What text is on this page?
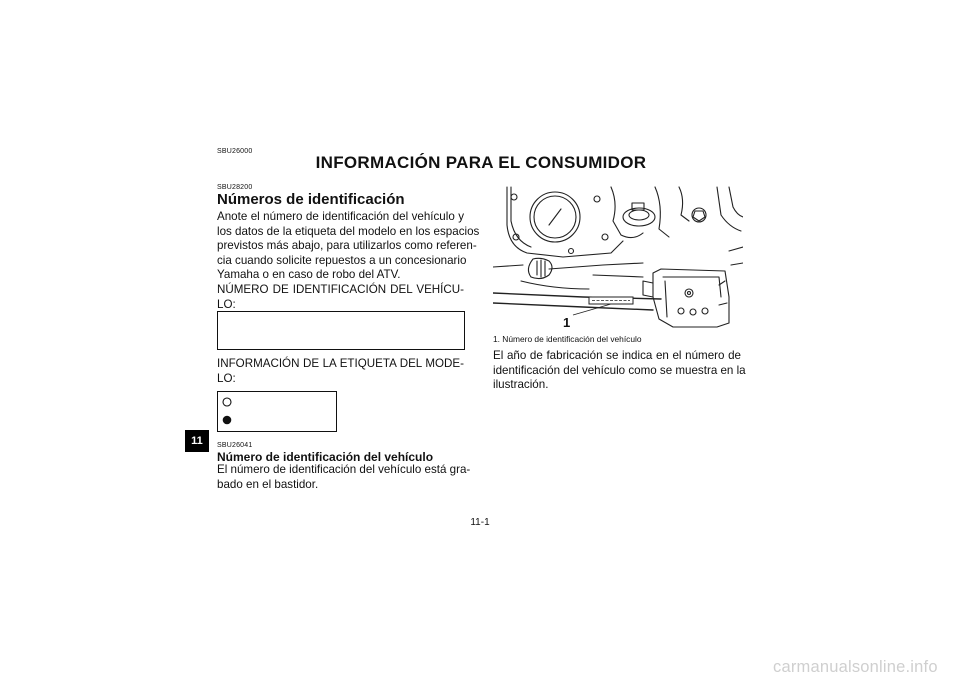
11
SBU26000
INFORMACIÓN PARA EL CONSUMIDOR
SBU28200
Números de identificación
Anote el número de identificación del vehículo y
los datos de la etiqueta del modelo en los espacios
previstos más abajo, para utilizarlos como referen-
cia cuando solicite repuestos a un concesionario
Yamaha o en caso de robo del ATV.
NÚMERO DE IDENTIFICACIÓN DEL VEHÍCU-
LO:
INFORMACIÓN DE LA ETIQUETA DEL MODE-
LO:
SBU26041
Número de identificación del vehículo
El número de identificación del vehículo está gra-
bado en el bastidor.
1
1. Número de identificación del vehículo
El año de fabricación se indica en el número de
identificación del vehículo como se muestra en la
ilustración.
11-1
carmanualsonline.info
